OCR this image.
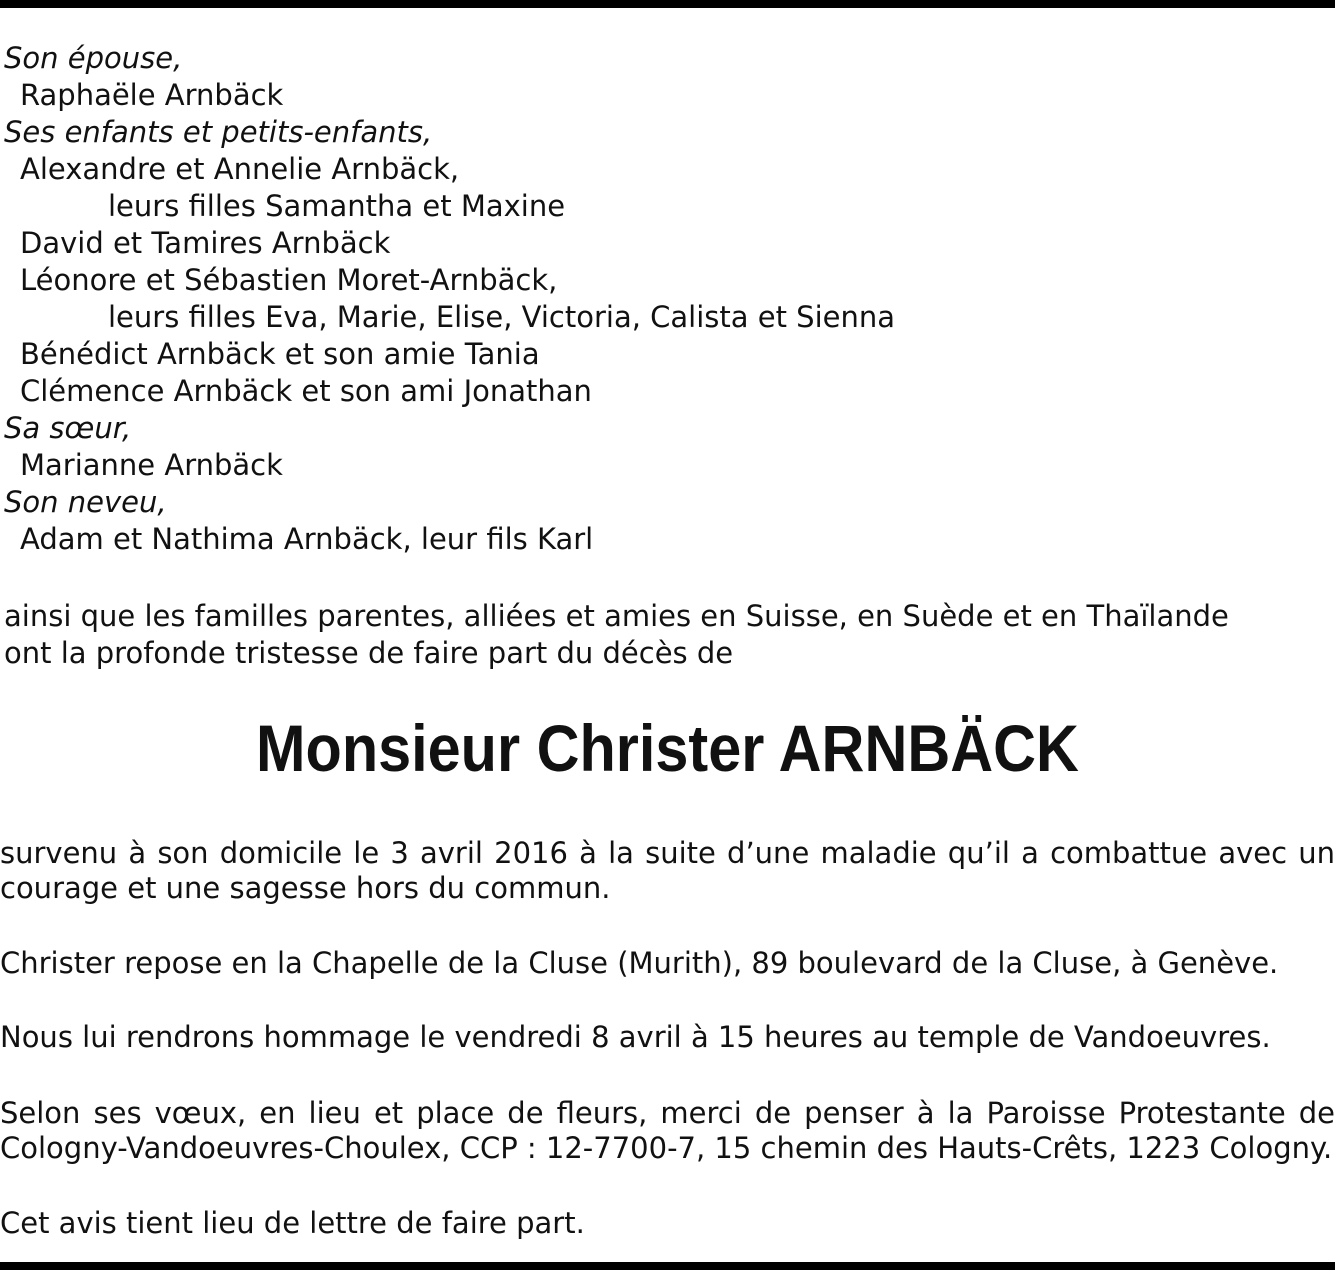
Son épouse,
Raphaële Arnbäck
Ses enfants et petits-enfants,
Alexandre et Annelie Arnbäck,
leurs filles Samantha et Maxine
David et Tamires Arnbäck
Léonore et Sébastien Moret-Arnbäck,
leurs filles Eva, Marie, Elise, Victoria, Calista et Sienna
Bénédict Arnbäck et son amie Tania
Clémence Arnbäck et son ami Jonathan
Sa sœur,
Marianne Arnbäck
Son neveu,
Adam et Nathima Arnbäck, leur fils Karl
ainsi que les familles parentes, alliées et amies en Suisse, en Suède et en Thaïlande
ont la profonde tristesse de faire part du décès de
Monsieur Christer ARNBÄCK
survenu à son domicile le 3 avril 2016 à la suite d’une maladie qu’il a combattue avec un courage et une sagesse hors du commun.
Christer repose en la Chapelle de la Cluse (Murith), 89 boulevard de la Cluse, à Genève.
Nous lui rendrons hommage le vendredi 8 avril à 15 heures au temple de Vandoeuvres.
Selon ses vœux, en lieu et place de fleurs, merci de penser à la Paroisse Protestante de Cologny-Vandoeuvres-Choulex, CCP : 12-7700-7, 15 chemin des Hauts-Crêts, 1223 Cologny.
Cet avis tient lieu de lettre de faire part.
